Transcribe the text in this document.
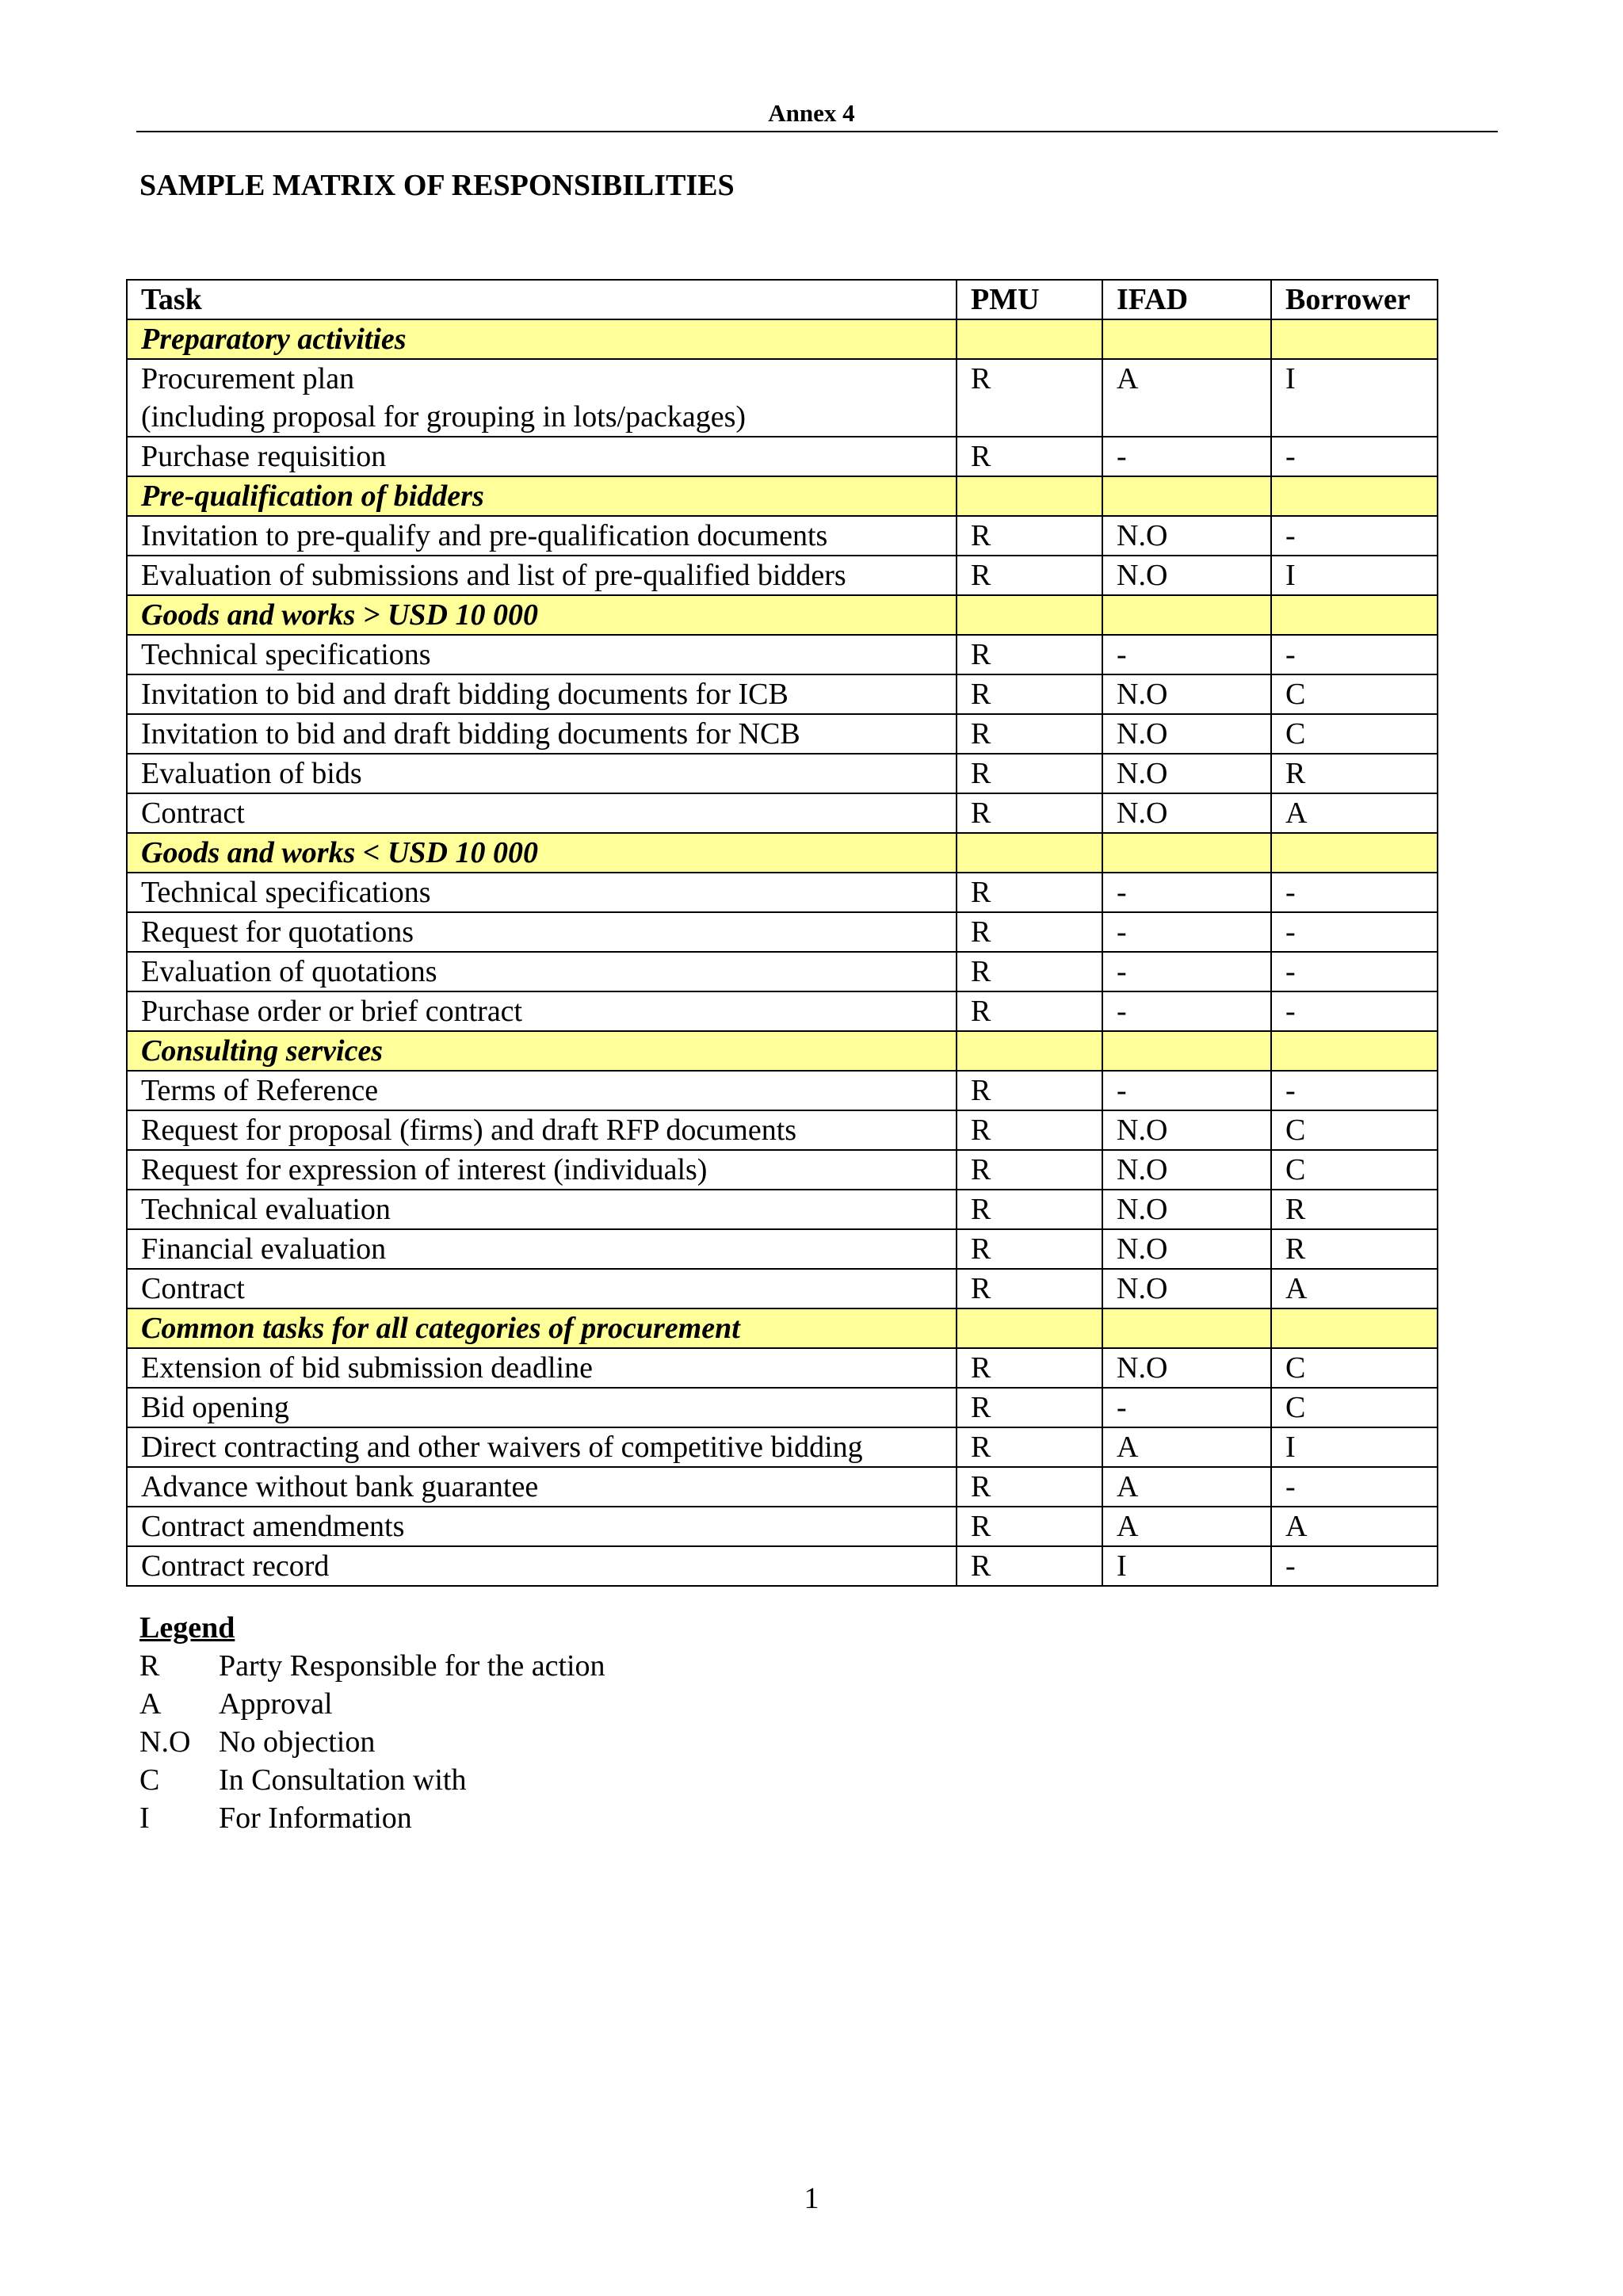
Annex 4
SAMPLE MATRIX OF RESPONSIBILITIES
Task	PMU	IFAD	Borrower
Preparatory activities			

Procurement plan
(including proposal for grouping in lots/packages)	R	A	I

Purchase requisition	R	-	-
Pre-qualification of bidders			

Invitation to pre-qualify and pre-qualification documents	R	N.O	-

Evaluation of submissions and list of pre-qualified bidders	R	N.O	I
Goods and works > USD 10 000			

Technical specifications	R	-	-

Invitation to bid and draft bidding documents for ICB	R	N.O	C

Invitation to bid and draft bidding documents for NCB	R	N.O	C

Evaluation of bids	R	N.O	R

Contract	R	N.O	A
Goods and works < USD 10 000			

Technical specifications	R	-	-

Request for quotations	R	-	-

Evaluation of quotations	R	-	-

Purchase order or brief contract	R	-	-
Consulting services			

Terms of Reference	R	-	-

Request for proposal (firms) and draft RFP documents	R	N.O	C

Request for expression of interest (individuals)	R	N.O	C

Technical evaluation	R	N.O	R

Financial evaluation	R	N.O	R

Contract	R	N.O	A
Common tasks for all categories of procurement			

Extension of bid submission deadline	R	N.O	C

Bid opening	R	-	C

Direct contracting and other waivers of competitive bidding	R	A	I

Advance without bank guarantee	R	A	-

Contract amendments	R	A	A

Contract record	R	I	-
Legend
R	Party Responsible for the action
A	Approval
N.O No objection
C	In Consultation with
I	For Information
1
